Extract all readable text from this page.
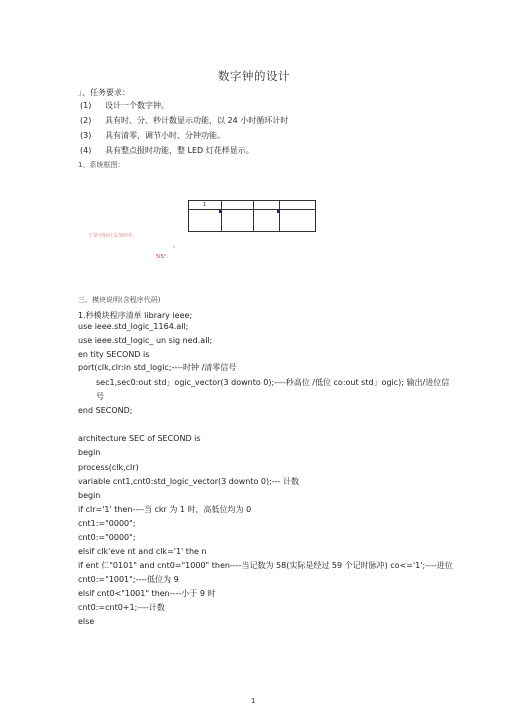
数字钟的设计
」、任务要求：
(1) 设计一个数字钟。
(2) 具有时、分、秒计数显示功能，以 24 小时循环计时
(3) 具有清零，调节小时、分钟功能。
(4) 具有整点报时功能，整 LED 灯花样显示。
1、系统框图：
1
丁常亦脉叶益加呼作,
°
5IS°.
三、模块说明(含程序代码)
1.秒模块程序清单 library ieee;
use ieee.std_logic_1164.all;
use ieee.std_logic_ un sig ned.all;
en tity SECOND is
port(clk,clr:in std_logic;----时钟 /清零信号
sec1,sec0:out std」ogic_vector(3 downto 0);----秒高位 /低位 co:out std」ogic); 输出/进位信
号
end SECOND;
architecture SEC of SECOND is
begin
process(clk,clr)
variable cnt1,cnt0:std_logic_vector(3 downto 0);--- 计数
begin
if clr='1' then----当 ckr 为 1 时，高低位均为 0
cnt1:="0000";
cnt0:="0000";
elsif clk'eve nt and clk='1' the n
if ent 仁"0101" and cnt0="1000" then----当记数为 58(实际是经过 59 个记时脉冲) co<='1';----进位
cnt0:="1001";----低位为 9
elsif cnt0<"1001" then----小于 9 时
cnt0:=cnt0+1;----计数
else
1
